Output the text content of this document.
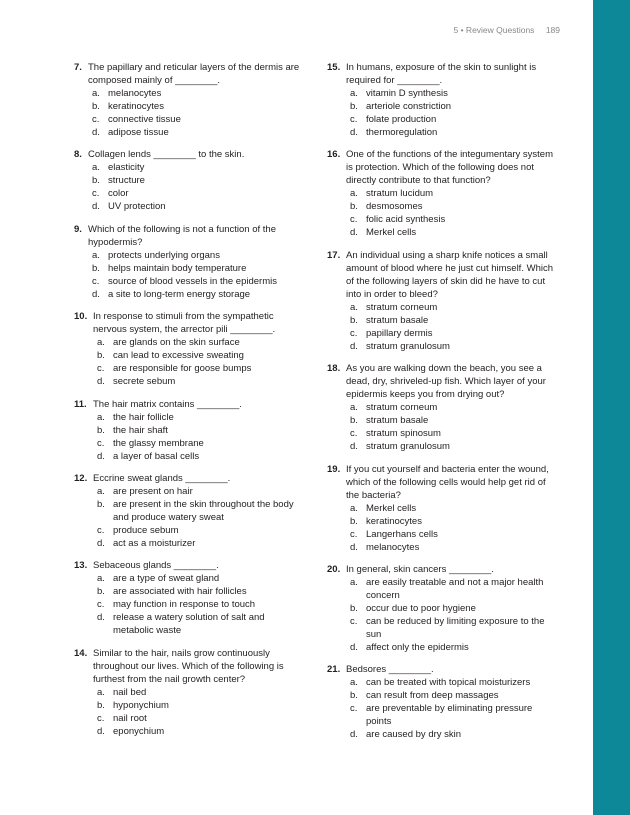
5 • Review Questions 189
7. The papillary and reticular layers of the dermis are composed mainly of ________.
a. melanocytes
b. keratinocytes
c. connective tissue
d. adipose tissue
8. Collagen lends ________ to the skin.
a. elasticity
b. structure
c. color
d. UV protection
9. Which of the following is not a function of the hypodermis?
a. protects underlying organs
b. helps maintain body temperature
c. source of blood vessels in the epidermis
d. a site to long-term energy storage
10. In response to stimuli from the sympathetic nervous system, the arrector pili ________.
a. are glands on the skin surface
b. can lead to excessive sweating
c. are responsible for goose bumps
d. secrete sebum
11. The hair matrix contains ________.
a. the hair follicle
b. the hair shaft
c. the glassy membrane
d. a layer of basal cells
12. Eccrine sweat glands ________.
a. are present on hair
b. are present in the skin throughout the body and produce watery sweat
c. produce sebum
d. act as a moisturizer
13. Sebaceous glands ________.
a. are a type of sweat gland
b. are associated with hair follicles
c. may function in response to touch
d. release a watery solution of salt and metabolic waste
14. Similar to the hair, nails grow continuously throughout our lives. Which of the following is furthest from the nail growth center?
a. nail bed
b. hyponychium
c. nail root
d. eponychium
15. In humans, exposure of the skin to sunlight is required for ________.
a. vitamin D synthesis
b. arteriole constriction
c. folate production
d. thermoregulation
16. One of the functions of the integumentary system is protection. Which of the following does not directly contribute to that function?
a. stratum lucidum
b. desmosomes
c. folic acid synthesis
d. Merkel cells
17. An individual using a sharp knife notices a small amount of blood where he just cut himself. Which of the following layers of skin did he have to cut into in order to bleed?
a. stratum corneum
b. stratum basale
c. papillary dermis
d. stratum granulosum
18. As you are walking down the beach, you see a dead, dry, shriveled-up fish. Which layer of your epidermis keeps you from drying out?
a. stratum corneum
b. stratum basale
c. stratum spinosum
d. stratum granulosum
19. If you cut yourself and bacteria enter the wound, which of the following cells would help get rid of the bacteria?
a. Merkel cells
b. keratinocytes
c. Langerhans cells
d. melanocytes
20. In general, skin cancers ________.
a. are easily treatable and not a major health concern
b. occur due to poor hygiene
c. can be reduced by limiting exposure to the sun
d. affect only the epidermis
21. Bedsores ________.
a. can be treated with topical moisturizers
b. can result from deep massages
c. are preventable by eliminating pressure points
d. are caused by dry skin
